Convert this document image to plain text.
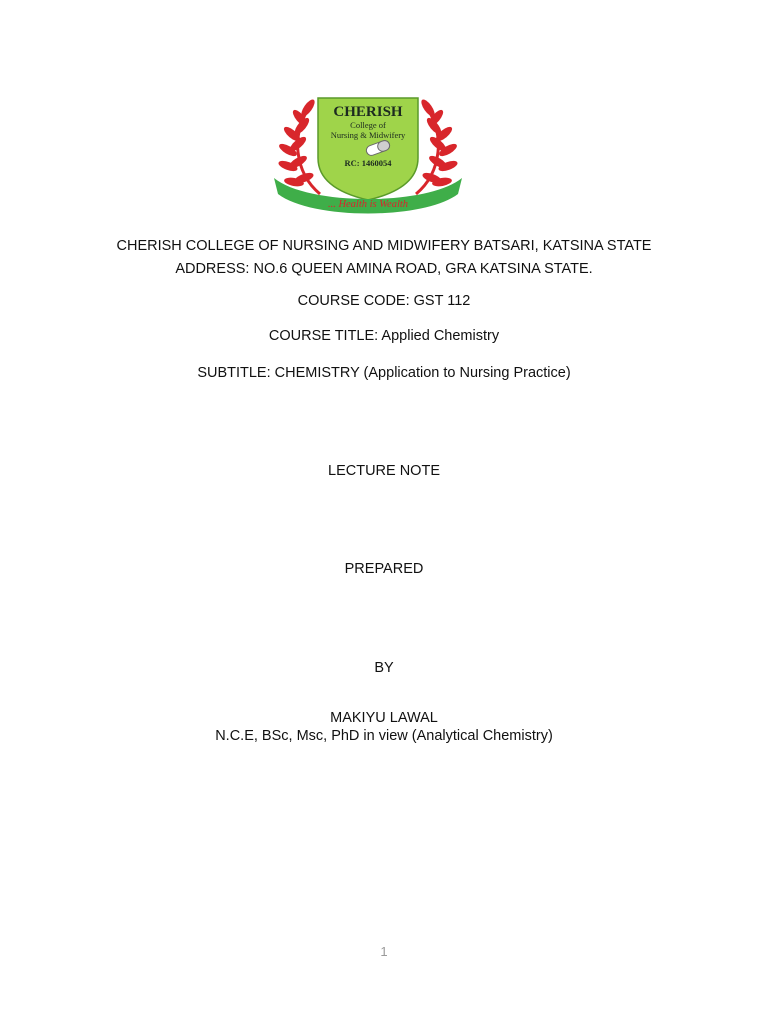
CHERISH
College of
Nursing & Midwifery
RC: 1460054
... Health is Wealth
CHERISH COLLEGE OF NURSING AND MIDWIFERY BATSARI, KATSINA STATE
ADDRESS: NO.6 QUEEN AMINA ROAD, GRA KATSINA STATE.
COURSE CODE: GST 112
COURSE TITLE: Applied Chemistry
SUBTITLE: CHEMISTRY (Application to Nursing Practice)
LECTURE NOTE
PREPARED
BY
MAKIYU LAWAL
N.C.E, BSc, Msc, PhD in view (Analytical Chemistry)
1
